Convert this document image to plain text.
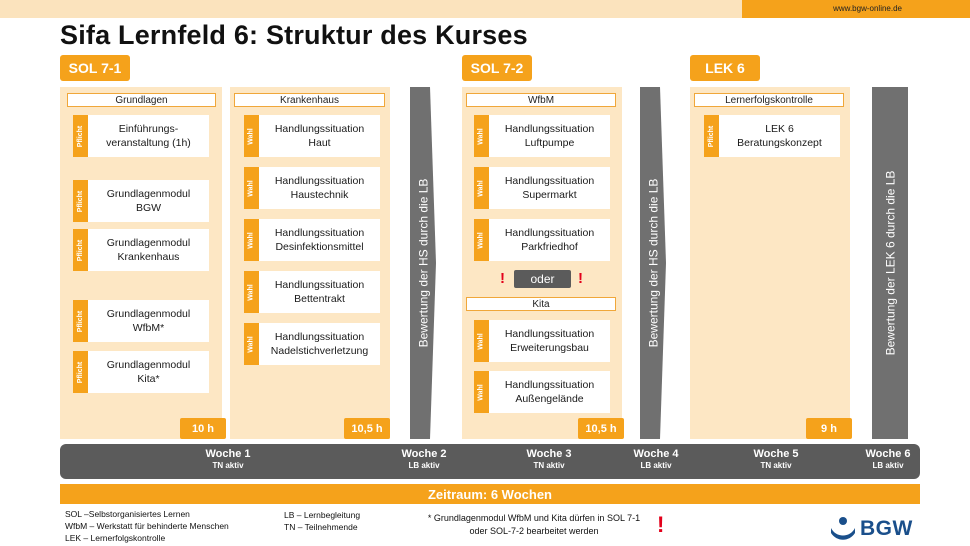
www.bgw-online.de
Sifa Lernfeld 6: Struktur des Kurses
SOL 7-1	SOL 7-2	LEK 6
Grundlagen
Pflicht	Einführungs-
veranstaltung (1h)
Pflicht	Grundlagenmodul
BGW
Pflicht	Grundlagenmodul
Krankenhaus
Pflicht	Grundlagenmodul
WfbM*
Pflicht	Grundlagenmodul
Kita*
10 h
Krankenhaus
Wahl	Handlungssituation
Haut
Wahl	Handlungssituation
Haustechnik
Wahl	Handlungssituation
Desinfektionsmittel
Wahl	Handlungssituation
Bettentrakt
Wahl	Handlungssituation
Nadelstichverletzung
10,5 h
Bewertung der HS durch die LB
WfbM
Wahl	Handlungssituation
Luftpumpe
Wahl	Handlungssituation
Supermarkt
Wahl	Handlungssituation
Parkfriedhof
!	oder	!
Kita
Wahl	Handlungssituation
Erweiterungsbau
Wahl	Handlungssituation
Außengelände
10,5 h
Bewertung der HS durch die LB
Lernerfolgskontrolle
Pflicht	LEK 6
Beratungskonzept
9 h
Bewertung der LEK 6 durch die LB
Woche 1
TN aktiv
Woche 2
LB aktiv
Woche 3
TN aktiv
Woche 4
LB aktiv
Woche 5
TN aktiv
Woche 6
LB aktiv
Zeitraum: 6 Wochen
SOL –Selbstorganisiertes Lernen
WfbM – Werkstatt für behinderte Menschen
LEK – Lernerfolgskontrolle
LB – Lernbegleitung
TN – Teilnehmende
* Grundlagenmodul WfbM und Kita dürfen in SOL 7-1
oder SOL-7-2 bearbeitet werden	!	BGW
